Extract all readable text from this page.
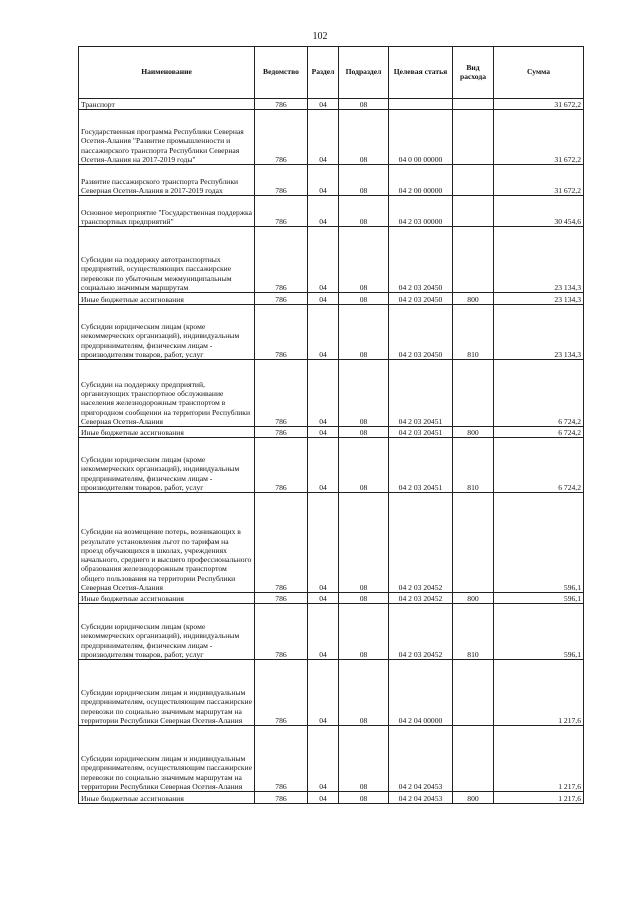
102
Наименование	Ведомство	Раздел	Подраздел	Целевая статья	Вид расхода	Сумма
Транспорт	786	04	08			31 672,2
Государственная программа Республики Северная Осетия-Алания "Развитие промышленности и пассажирского транспорта Республики Северная Осетия-Алания на 2017-2019 годы"	786	04	08	04 0 00 00000		31 672,2
Развитие пассажирского транспорта Республики Северная Осетия-Алания в 2017-2019 годах	786	04	08	04 2 00 00000		31 672,2
Основное мероприятие "Государственная поддержка транспортных предприятий"	786	04	08	04 2 03 00000		30 454,6
Субсидии на поддержку автотранспортных предприятий, осуществляющих пассажирские перевозки по убыточным межмуниципальным социально значимым маршрутам	786	04	08	04 2 03 20450		23 134,3
Иные бюджетные ассигнования	786	04	08	04 2 03 20450	800	23 134,3
Субсидии юридическим лицам (кроме некоммерческих организаций), индивидуальным предпринимателям, физическим лицам - производителям товаров, работ, услуг	786	04	08	04 2 03 20450	810	23 134,3
Субсидии на поддержку предприятий, организующих транспортное обслуживание населения железнодорожным транспортом в пригородном сообщении на территории Республики Северная Осетия-Алания	786	04	08	04 2 03 20451		6 724,2
Иные бюджетные ассигнования	786	04	08	04 2 03 20451	800	6 724,2
Субсидии юридическим лицам (кроме некоммерческих организаций), индивидуальным предпринимателям, физическим лицам - производителям товаров, работ, услуг	786	04	08	04 2 03 20451	810	6 724,2
Субсидии на возмещение потерь, возникающих в результате установления льгот по тарифам на проезд обучающихся в школах, учреждениях начального, среднего и высшего профессионального образования железнодорожным транспортом общего пользования на территории Республики Северная Осетия-Алания	786	04	08	04 2 03 20452		596,1
Иные бюджетные ассигнования	786	04	08	04 2 03 20452	800	596,1
Субсидии юридическим лицам (кроме некоммерческих организаций), индивидуальным предпринимателям, физическим лицам - производителям товаров, работ, услуг	786	04	08	04 2 03 20452	810	596,1
Субсидии юридическим лицам и индивидуальным предпринимателям, осуществляющим пассажирские перевозки по социально значимым маршрутам на территории Республики Северная Осетия-Алания	786	04	08	04 2 04 00000		1 217,6
Субсидии юридическим лицам и индивидуальным предпринимателям, осуществляющим пассажирские перевозки по социально значимым маршрутам на территории Республики Северная Осетия-Алания	786	04	08	04 2 04 20453		1 217,6
Иные бюджетные ассигнования	786	04	08	04 2 04 20453	800	1 217,6
